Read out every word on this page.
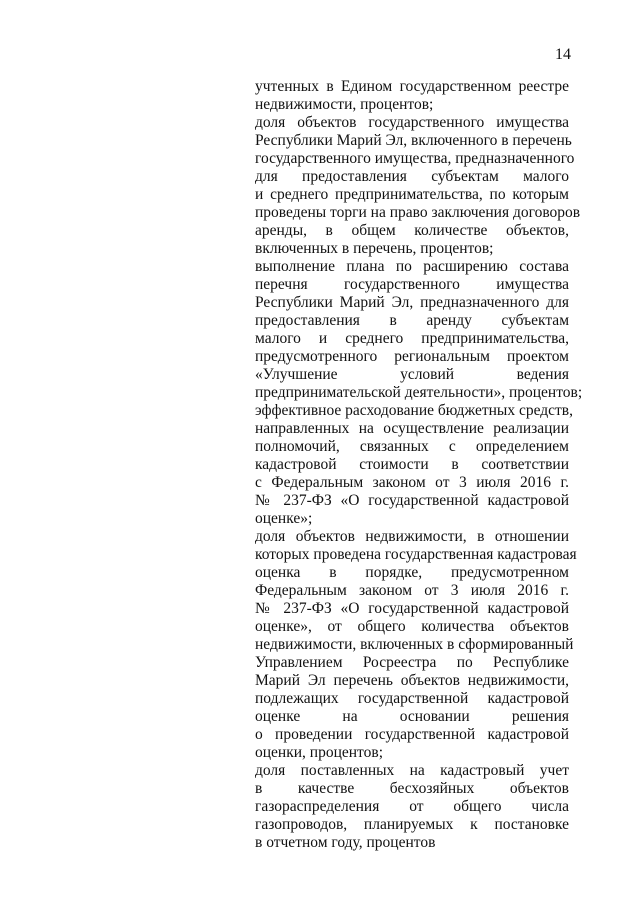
14
учтенных в Едином государственном реестре
недвижимости, процентов;
доля объектов государственного имущества
Республики Марий Эл, включенного в перечень
государственного имущества, предназначенного
для предоставления субъектам малого
и среднего предпринимательства, по которым
проведены торги на право заключения договоров
аренды, в общем количестве объектов,
включенных в перечень, процентов;
выполнение плана по расширению состава
перечня государственного имущества
Республики Марий Эл, предназначенного для
предоставления в аренду субъектам
малого и среднего предпринимательства,
предусмотренного региональным проектом
«Улучшение условий ведения
предпринимательской деятельности», процентов;
эффективное расходование бюджетных средств,
направленных на осуществление реализации
полномочий, связанных с определением
кадастровой стоимости в соответствии
с Федеральным законом от 3 июля 2016 г.
№ 237-ФЗ «О государственной кадастровой
оценке»;
доля объектов недвижимости, в отношении
которых проведена государственная кадастровая
оценка в порядке, предусмотренном
Федеральным законом от 3 июля 2016 г.
№ 237-ФЗ «О государственной кадастровой
оценке», от общего количества объектов
недвижимости, включенных в сформированный
Управлением Росреестра по Республике
Марий Эл перечень объектов недвижимости,
подлежащих государственной кадастровой
оценке на основании решения
о проведении государственной кадастровой
оценки, процентов;
доля поставленных на кадастровый учет
в качестве бесхозяйных объектов
газораспределения от общего числа
газопроводов, планируемых к постановке
в отчетном году, процентов
